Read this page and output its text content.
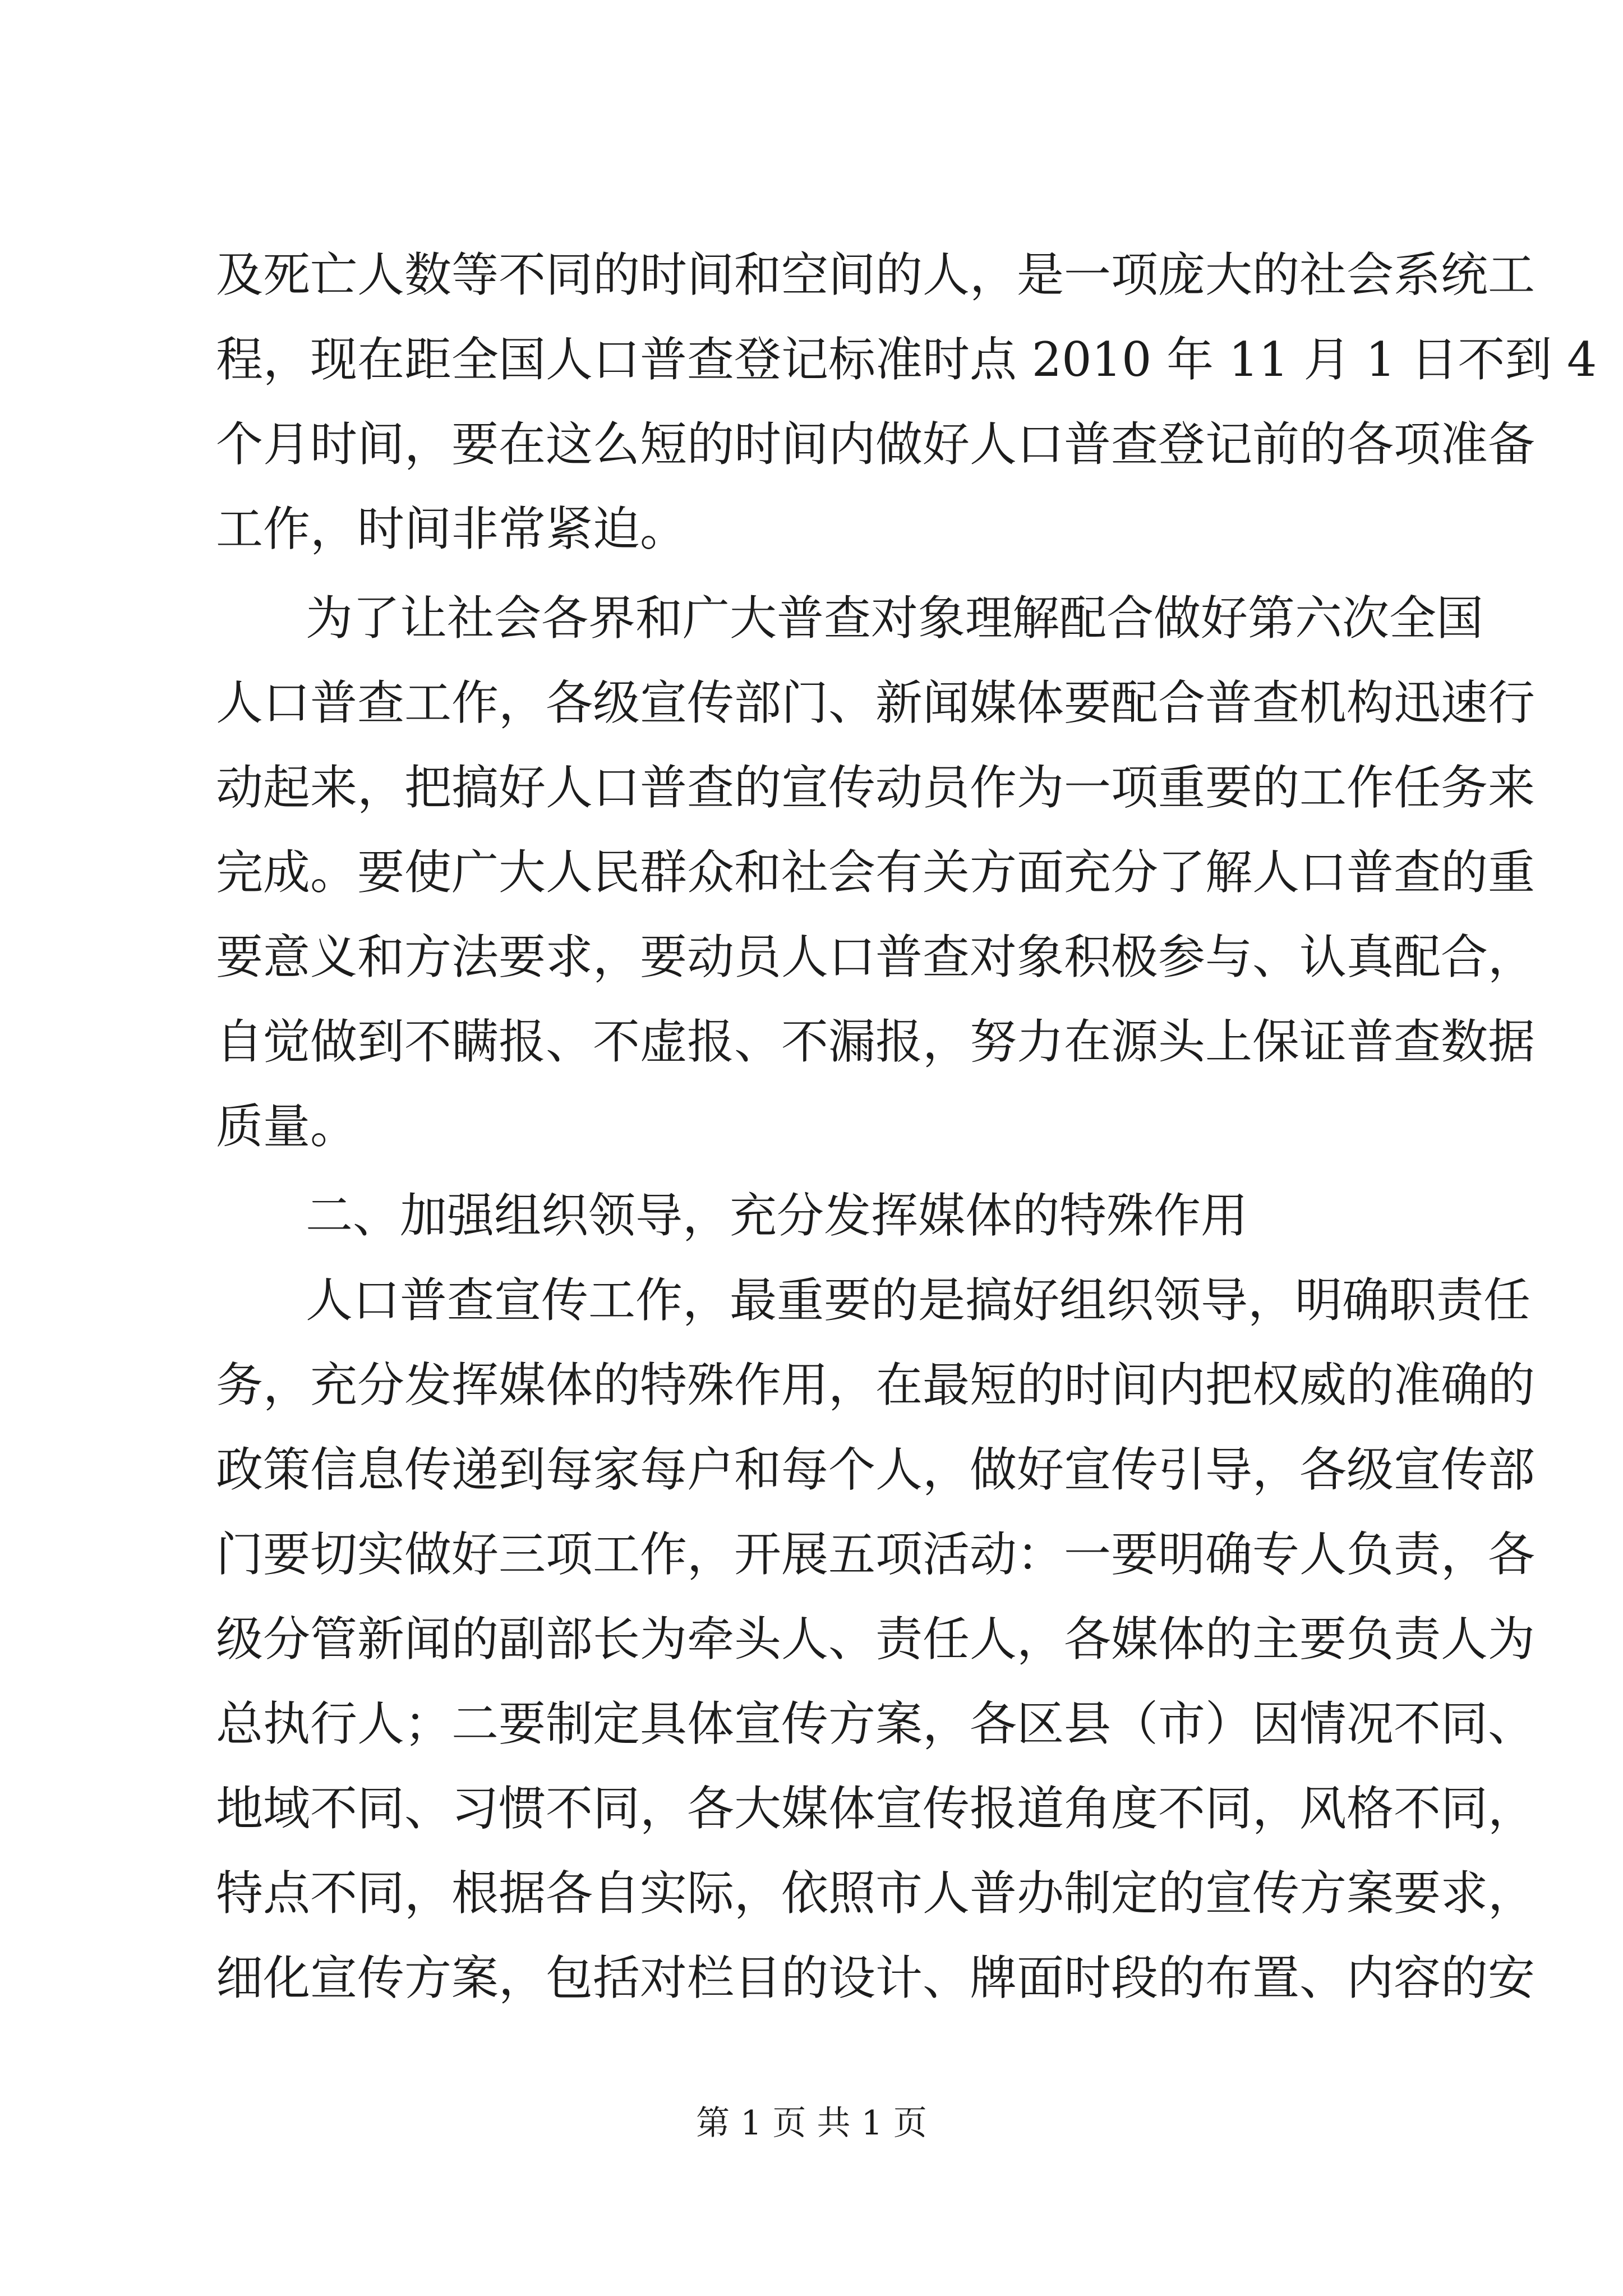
及死亡人数等不同的时间和空间的人，是一项庞大的社会系统工
程，现在距全国人口普查登记标准时点 2010 年 11 月 1 日不到 4
个月时间，要在这么短的时间内做好人口普查登记前的各项准备
工作，时间非常紧迫。
为了让社会各界和广大普查对象理解配合做好第六次全国
人口普查工作，各级宣传部门、新闻媒体要配合普查机构迅速行
动起来，把搞好人口普查的宣传动员作为一项重要的工作任务来
完成。要使广大人民群众和社会有关方面充分了解人口普查的重
要意义和方法要求，要动员人口普查对象积极参与、认真配合，
自觉做到不瞒报、不虚报、不漏报，努力在源头上保证普查数据
质量。
二、加强组织领导，充分发挥媒体的特殊作用
人口普查宣传工作，最重要的是搞好组织领导，明确职责任
务，充分发挥媒体的特殊作用，在最短的时间内把权威的准确的
政策信息传递到每家每户和每个人，做好宣传引导，各级宣传部
门要切实做好三项工作，开展五项活动：一要明确专人负责，各
级分管新闻的副部长为牵头人、责任人，各媒体的主要负责人为
总执行人；二要制定具体宣传方案，各区县（市）因情况不同、
地域不同、习惯不同，各大媒体宣传报道角度不同，风格不同，
特点不同，根据各自实际，依照市人普办制定的宣传方案要求，
细化宣传方案，包括对栏目的设计、牌面时段的布置、内容的安
第 1 页 共 1 页
